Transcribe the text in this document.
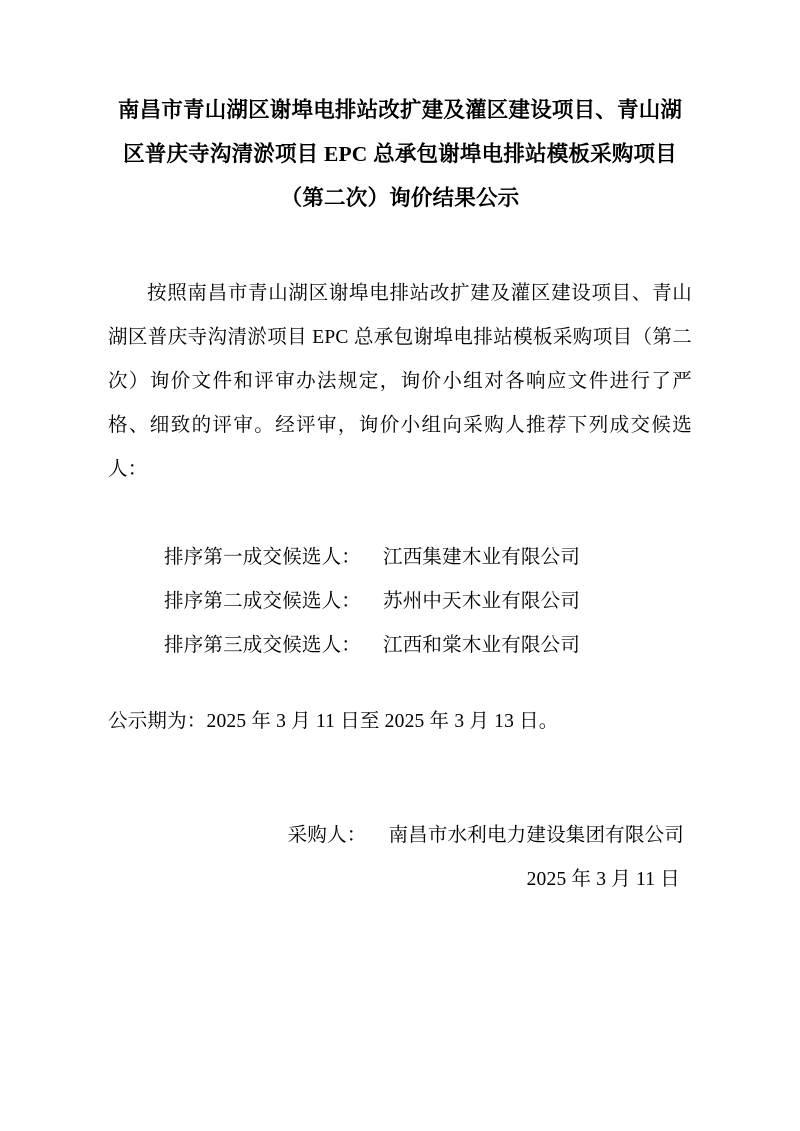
南昌市青山湖区谢埠电排站改扩建及灌区建设项目、青山湖
区普庆寺沟清淤项目 EPC 总承包谢埠电排站模板采购项目
（第二次）询价结果公示

按照南昌市青山湖区谢埠电排站改扩建及灌区建设项目、青山湖区普庆寺沟清淤项目 EPC 总承包谢埠电排站模板采购项目（第二次）询价文件和评审办法规定，询价小组对各响应文件进行了严格、细致的评审。经评审，询价小组向采购人推荐下列成交候选人：

排序第一成交候选人： 江西集建木业有限公司
排序第二成交候选人： 苏州中天木业有限公司
排序第三成交候选人： 江西和棠木业有限公司

公示期为：2025 年 3 月 11 日至 2025 年 3 月 13 日。

采购人： 南昌市水利电力建设集团有限公司
2025 年 3 月 11 日
